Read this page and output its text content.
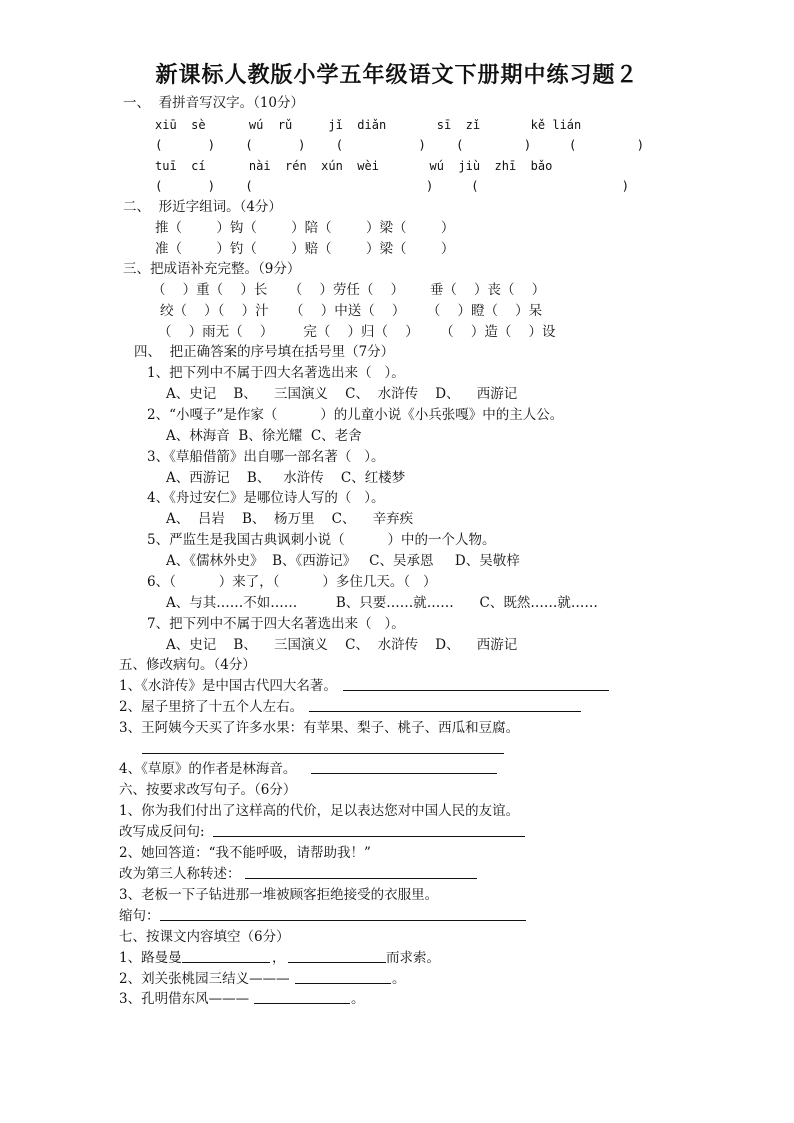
新课标人教版小学五年级语文下册期中练习题２
一、  看拼音写汉字。（10分）
xiū  sè      wú  rǔ     jǐ  diǎn       sī  zǐ       kě lián
(      )    (      )    (          )    (        )     (        )
tuī  cí      nài  rén  xún  wèi       wú  jiù  zhī  bǎo
(      )    (                       )     (                   )
二、  形近字组词。（4分）
推（        ）钩（        ）陪（        ）梁（        ）
准（        ）钓（        ）赔（        ）梁（        ）
三、把成语补充完整。（9分）
（    ）重（    ）长     （    ）劳任（    ）      垂（    ）丧（    ）
绞（    ）（    ）汁     （    ）中送（    ）     （    ）瞪（    ）呆
（    ）雨无（    ）       完（    ）归（    ）     （    ）造（    ）设
四、  把正确答案的序号填在括号里（7分）
1、把下列中不属于四大名著选出来（   ）。
A、史记    B、    三国演义    C、  水浒传    D、    西游记
2、“小嘎子”是作家（          ）的儿童小说《小兵张嘎》中的主人公。
A、林海音  B、徐光耀  C、老舍
3、《草船借箭》出自哪一部名著（   ）。
A、西游记    B、   水浒传    C、红楼梦
4、《舟过安仁》是哪位诗人写的（   ）。
A、  吕岩    B、  杨万里    C、    辛弃疾
5、严监生是我国古典讽刺小说（          ）中的一个人物。
A、《儒林外史》  B、《西游记》   C、吴承恩     D、吴敬梓
6、（          ）来了，（          ）多住几天。（   ）
A、与其……不如……         B、只要……就……      C、既然……就……
7、把下列中不属于四大名著选出来（   ）。
A、史记    B、    三国演义    C、  水浒传    D、    西游记
五、修改病句。（4分）
1、《水浒传》是中国古代四大名著。
2、屋子里挤了十五个人左右。
3、王阿姨今天买了许多水果：有苹果、梨子、桃子、西瓜和豆腐。
4、《草原》的作者是林海音。
六、按要求改写句子。（6分）
1、你为我们付出了这样高的代价，足以表达您对中国人民的友谊。
改写成反问句:
2、她回答道：“我不能呼吸，请帮助我！”
改为第三人称转述：
3、老板一下子钻进那一堆被顾客拒绝接受的衣服里。
缩句：
七、按课文内容填空（6分）
1、路曼曼	，	而求索。
2、刘关张桃园三结义———	。
3、孔明借东风———	。
